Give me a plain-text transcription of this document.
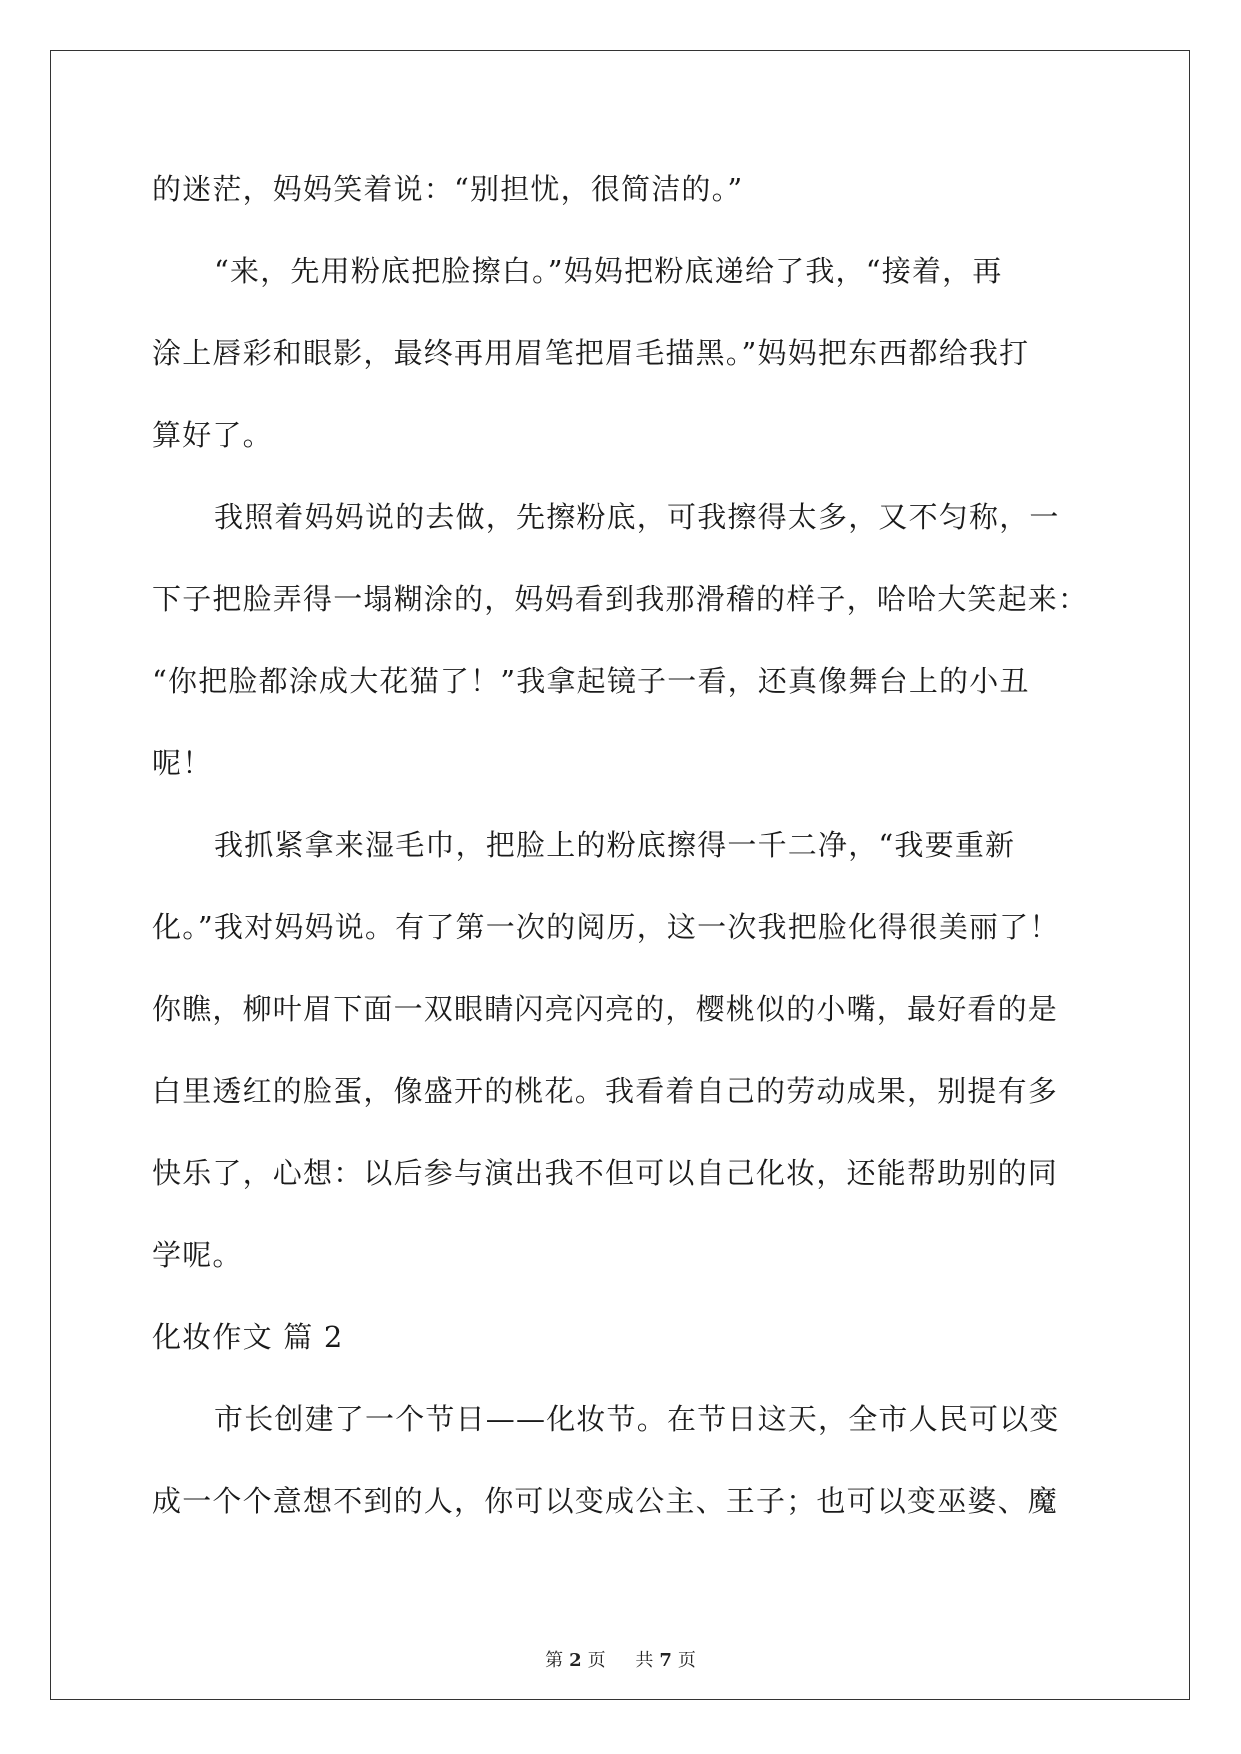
的迷茫，妈妈笑着说：“别担忧，很简洁的。”
“来，先用粉底把脸擦白。”妈妈把粉底递给了我，“接着，再
涂上唇彩和眼影，最终再用眉笔把眉毛描黑。”妈妈把东西都给我打
算好了。
我照着妈妈说的去做，先擦粉底，可我擦得太多，又不匀称，一
下子把脸弄得一塌糊涂的，妈妈看到我那滑稽的样子，哈哈大笑起来：
“你把脸都涂成大花猫了！”我拿起镜子一看，还真像舞台上的小丑
呢！
我抓紧拿来湿毛巾，把脸上的粉底擦得一千二净，“我要重新
化。”我对妈妈说。有了第一次的阅历，这一次我把脸化得很美丽了！
你瞧，柳叶眉下面一双眼睛闪亮闪亮的，樱桃似的小嘴，最好看的是
白里透红的脸蛋，像盛开的桃花。我看着自己的劳动成果，别提有多
快乐了，心想：以后参与演出我不但可以自己化妆，还能帮助别的同
学呢。
化妆作文 篇 2
市长创建了一个节日——化妆节。在节日这天，全市人民可以变
成一个个意想不到的人，你可以变成公主、王子；也可以变巫婆、魔
第 2 页 共 7 页
